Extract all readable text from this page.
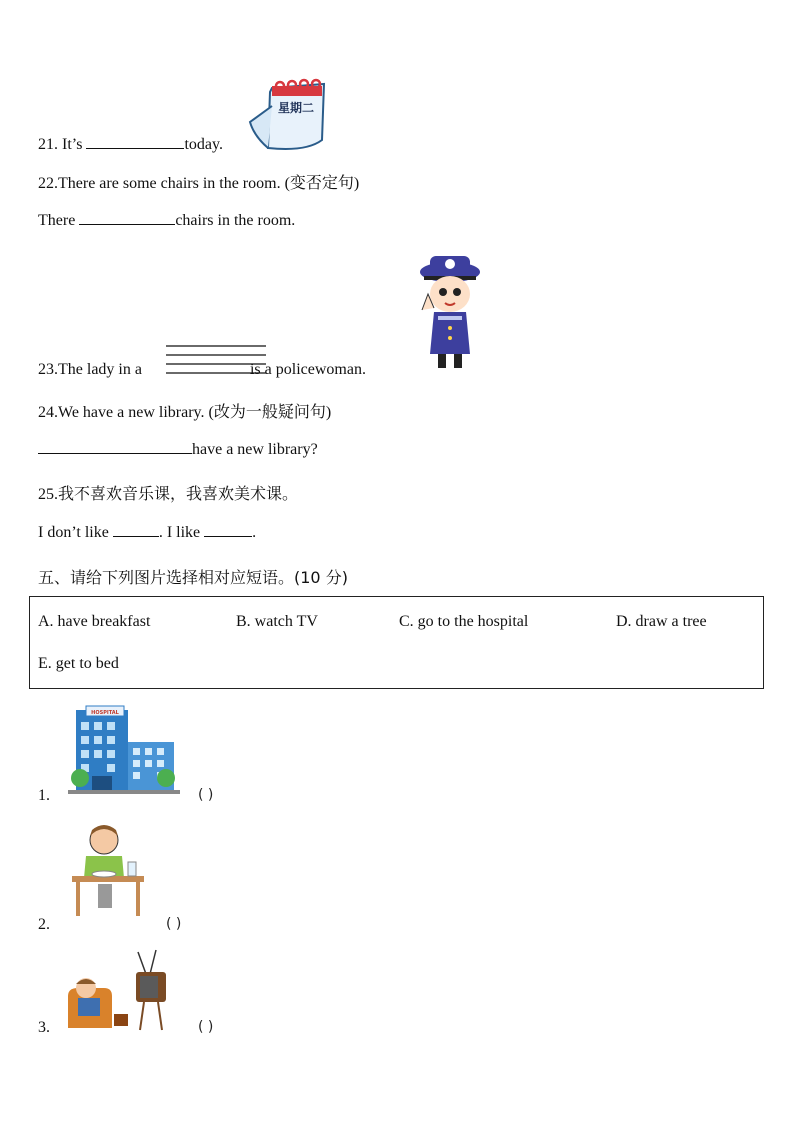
21. It’s	today.
星期二
22.There are some chairs in the room. (变否定句)
There	chairs in the room.
23.The lady in a	is a policewoman.
24.We have a new library. (改为一般疑问句)
have a new library?
25.我不喜欢音乐课，我喜欢美术课。
I don’t like	. I like	.
五、请给下列图片选择相对应短语。(10 分)
A. have breakfast	B. watch TV	C. go to the hospital	D. draw a tree
E. get to bed
1.
HOSPITAL
( )
2.	( )
3.	( )
